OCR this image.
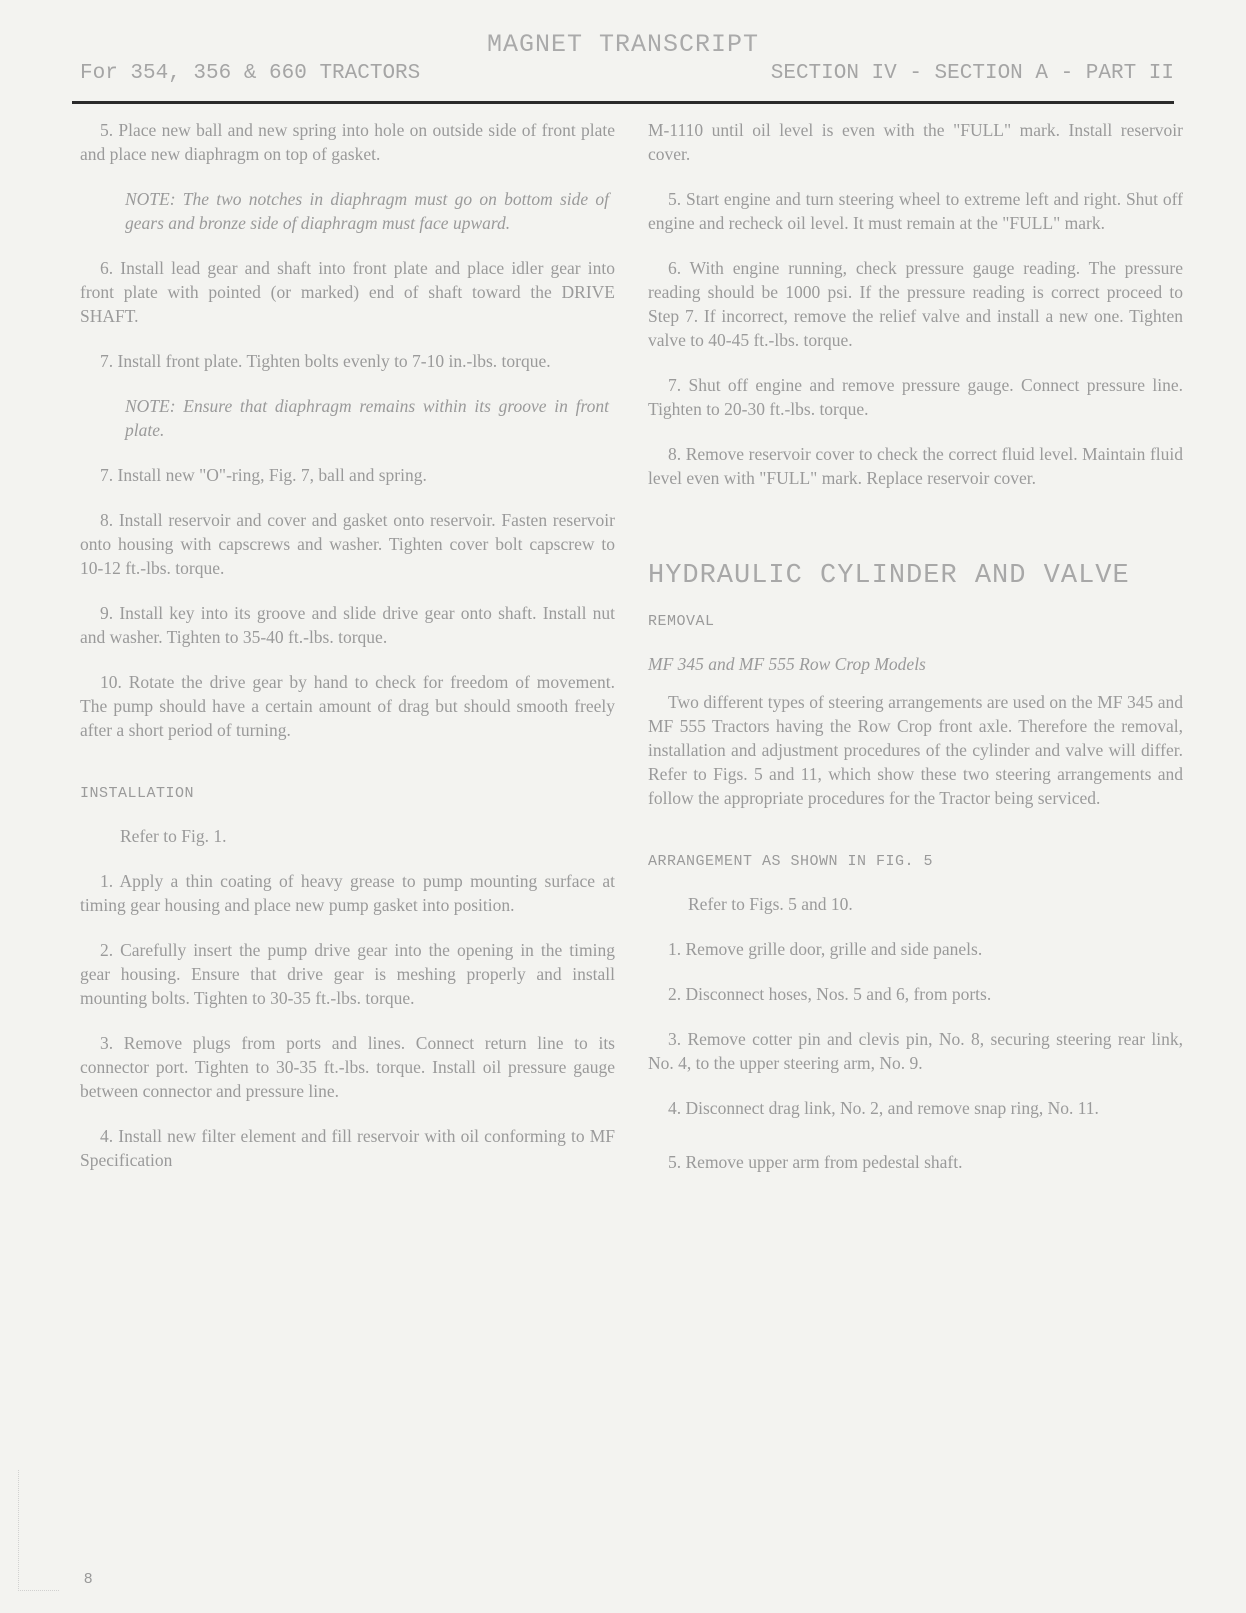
MAGNET TRANSCRIPT
For 354, 356 & 660 TRACTORS	SECTION IV - SECTION A - PART II

5. Place new ball and new spring into hole on outside side of front plate and place new diaphragm on top of gasket.

NOTE: The two notches in diaphragm must go on bottom side of gears and bronze side of diaphragm must face upward.

6. Install lead gear and shaft into front plate and place idler gear into front plate with pointed (or marked) end of shaft toward the DRIVE SHAFT.

7. Install front plate. Tighten bolts evenly to 7-10 in.-lbs. torque.

NOTE: Ensure that diaphragm remains within its groove in front plate.

7. Install new "O"-ring, Fig. 7, ball and spring.

8. Install reservoir and cover and gasket onto reservoir. Fasten reservoir onto housing with capscrews and washer. Tighten cover bolt capscrew to 10-12 ft.-lbs. torque.

9. Install key into its groove and slide drive gear onto shaft. Install nut and washer. Tighten to 35-40 ft.-lbs. torque.

10. Rotate the drive gear by hand to check for freedom of movement. The pump should have a certain amount of drag but should smooth freely after a short period of turning.

INSTALLATION

Refer to Fig. 1.

1. Apply a thin coating of heavy grease to pump mounting surface at timing gear housing and place new pump gasket into position.

2. Carefully insert the pump drive gear into the opening in the timing gear housing. Ensure that drive gear is meshing properly and install mounting bolts. Tighten to 30-35 ft.-lbs. torque.

3. Remove plugs from ports and lines. Connect return line to its connector port. Tighten to 30-35 ft.-lbs. torque. Install oil pressure gauge between connector and pressure line.

4. Install new filter element and fill reservoir with oil conforming to MF Specification

M-1110 until oil level is even with the "FULL" mark. Install reservoir cover.

5. Start engine and turn steering wheel to extreme left and right. Shut off engine and recheck oil level. It must remain at the "FULL" mark.

6. With engine running, check pressure gauge reading. The pressure reading should be 1000 psi. If the pressure reading is correct proceed to Step 7. If incorrect, remove the relief valve and install a new one. Tighten valve to 40-45 ft.-lbs. torque.

7. Shut off engine and remove pressure gauge. Connect pressure line. Tighten to 20-30 ft.-lbs. torque.

8. Remove reservoir cover to check the correct fluid level. Maintain fluid level even with "FULL" mark. Replace reservoir cover.

HYDRAULIC CYLINDER AND VALVE
REMOVAL

MF 345 and MF 555 Row Crop Models

Two different types of steering arrangements are used on the MF 345 and MF 555 Tractors having the Row Crop front axle. Therefore the removal, installation and adjustment procedures of the cylinder and valve will differ. Refer to Figs. 5 and 11, which show these two steering arrangements and follow the appropriate procedures for the Tractor being serviced.

ARRANGEMENT AS SHOWN IN FIG. 5

Refer to Figs. 5 and 10.

1. Remove grille door, grille and side panels.

2. Disconnect hoses, Nos. 5 and 6, from ports.

3. Remove cotter pin and clevis pin, No. 8, securing steering rear link, No. 4, to the upper steering arm, No. 9.

4. Disconnect drag link, No. 2, and remove snap ring, No. 11.

5. Remove upper arm from pedestal shaft.

8
